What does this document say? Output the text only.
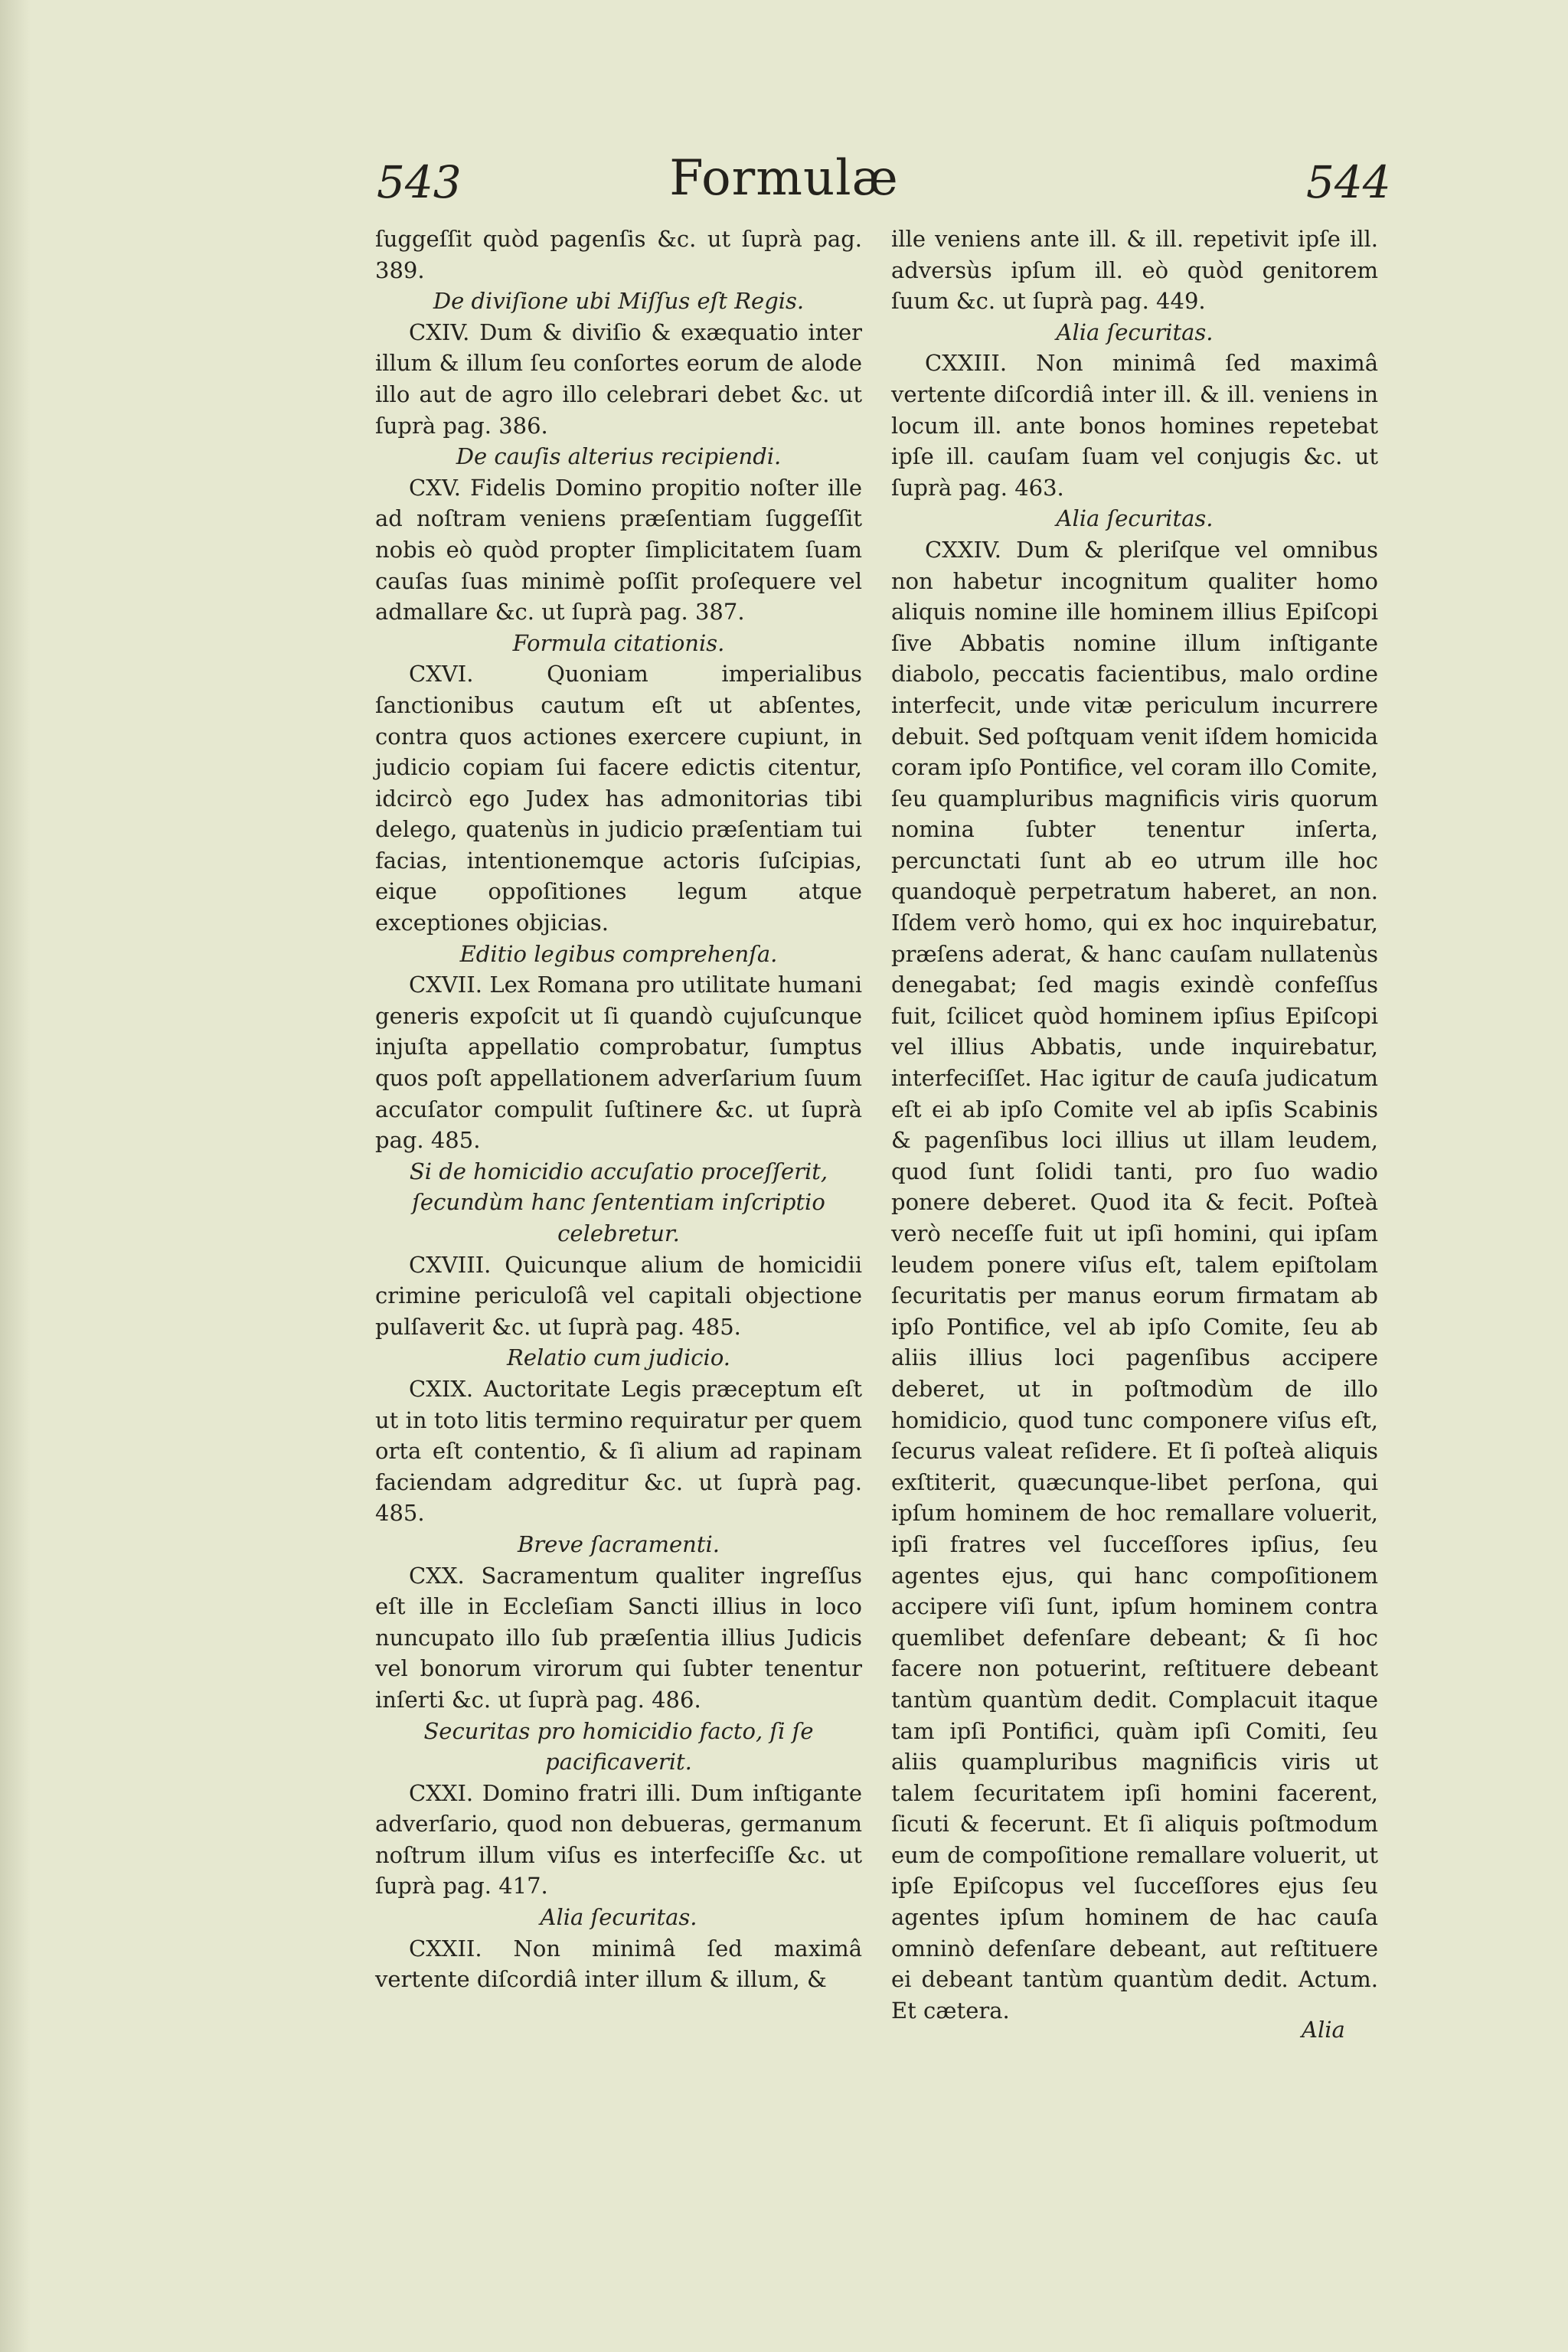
543	Formulæ	544

ſuggeſſit quòd pagenſis &c. ut ſuprà pag. 389.

De diviſione ubi Miſſus eſt Regis.

CXIV. Dum & diviſio & exæquatio inter illum & illum ſeu conſortes eorum de alode illo aut de agro illo celebrari debet &c. ut ſuprà pag. 386.

De cauſis alterius recipiendi.

CXV. Fidelis Domino propitio noſter ille ad noſtram veniens præſentiam ſuggeſſit nobis eò quòd propter ſimplicitatem ſuam cauſas ſuas minimè poſſit proſequere vel admallare &c. ut ſuprà pag. 387.

Formula citationis.

CXVI. Quoniam imperialibus ſanctionibus cautum eſt ut abſentes, contra quos actiones exercere cupiunt, in judicio copiam ſui facere edictis citentur, idcircò ego Judex has admonitorias tibi delego, quatenùs in judicio præſentiam tui facias, intentionemque actoris ſuſcipias, eique oppoſitiones legum atque exceptiones objicias.

Editio legibus comprehenſa.

CXVII. Lex Romana pro utilitate humani generis expoſcit ut ſi quandò cujuſcunque injuſta appellatio comprobatur, ſumptus quos poſt appellationem adverſarium ſuum accuſator compulit ſuſtinere &c. ut ſuprà pag. 485.

Si de homicidio accuſatio proceſſerit, ſecundùm hanc ſententiam inſcriptio celebretur.

CXVIII. Quicunque alium de homicidii crimine periculoſâ vel capitali objectione pulſaverit &c. ut ſuprà pag. 485.

Relatio cum judicio.

CXIX. Auctoritate Legis præceptum eſt ut in toto litis termino requiratur per quem orta eſt contentio, & ſi alium ad rapinam faciendam adgreditur &c. ut ſuprà pag. 485.

Breve ſacramenti.

CXX. Sacramentum qualiter ingreſſus eſt ille in Eccleſiam Sancti illius in loco nuncupato illo ſub præſentia illius Judicis vel bonorum virorum qui ſubter tenentur inſerti &c. ut ſuprà pag. 486.

Securitas pro homicidio facto, ſi ſe pacificaverit.

CXXI. Domino fratri illi. Dum inſtigante adverſario, quod non debueras, germanum noſtrum illum viſus es interfeciſſe &c. ut ſuprà pag. 417.

Alia ſecuritas.

CXXII. Non minimâ ſed maximâ vertente diſcordiâ inter illum & illum, &

ille veniens ante ill. & ill. repetivit ipſe ill. adversùs ipſum ill. eò quòd genitorem ſuum &c. ut ſuprà pag. 449.

Alia ſecuritas.

CXXIII. Non minimâ ſed maximâ vertente diſcordiâ inter ill. & ill. veniens in locum ill. ante bonos homines repetebat ipſe ill. cauſam ſuam vel conjugis &c. ut ſuprà pag. 463.

Alia ſecuritas.

CXXIV. Dum & pleriſque vel omnibus non habetur incognitum qualiter homo aliquis nomine ille hominem illius Epiſcopi ſive Abbatis nomine illum inſtigante diabolo, peccatis facientibus, malo ordine interfecit, unde vitæ periculum incurrere debuit. Sed poſtquam venit iſdem homicida coram ipſo Pontifice, vel coram illo Comite, ſeu quampluribus magnificis viris quorum nomina ſubter tenentur inſerta, percunctati ſunt ab eo utrum ille hoc quandoquè perpetratum haberet, an non. Iſdem verò homo, qui ex hoc inquirebatur, præſens aderat, & hanc cauſam nullatenùs denegabat; ſed magis exindè confeſſus fuit, ſcilicet quòd hominem ipſius Epiſcopi vel illius Abbatis, unde inquirebatur, interfeciſſet. Hac igitur de cauſa judicatum eſt ei ab ipſo Comite vel ab ipſis Scabinis & pagenſibus loci illius ut illam leudem, quod ſunt ſolidi tanti, pro ſuo wadio ponere deberet. Quod ita & fecit. Poſteà verò neceſſe fuit ut ipſi homini, qui ipſam leudem ponere viſus eſt, talem epiſtolam ſecuritatis per manus eorum firmatam ab ipſo Pontifice, vel ab ipſo Comite, ſeu ab aliis illius loci pagenſibus accipere deberet, ut in poſtmodùm de illo homidicio, quod tunc componere viſus eſt, ſecurus valeat reſidere. Et ſi poſteà aliquis exſtiterit, quæcunque-libet perſona, qui ipſum hominem de hoc remallare voluerit, ipſi fratres vel ſucceſſores ipſius, ſeu agentes ejus, qui hanc compoſitionem accipere viſi ſunt, ipſum hominem contra quemlibet defenſare debeant; & ſi hoc facere non potuerint, reſtituere debeant tantùm quantùm dedit. Complacuit itaque tam ipſi Pontifici, quàm ipſi Comiti, ſeu aliis quampluribus magnificis viris ut talem ſecuritatem ipſi homini facerent, ſicuti & fecerunt. Et ſi aliquis poſtmodum eum de compoſitione remallare voluerit, ut ipſe Epiſcopus vel ſucceſſores ejus ſeu agentes ipſum hominem de hac cauſa omninò defenſare debeant, aut reſtituere ei debeant tantùm quantùm dedit. Actum. Et cætera.

Alia
